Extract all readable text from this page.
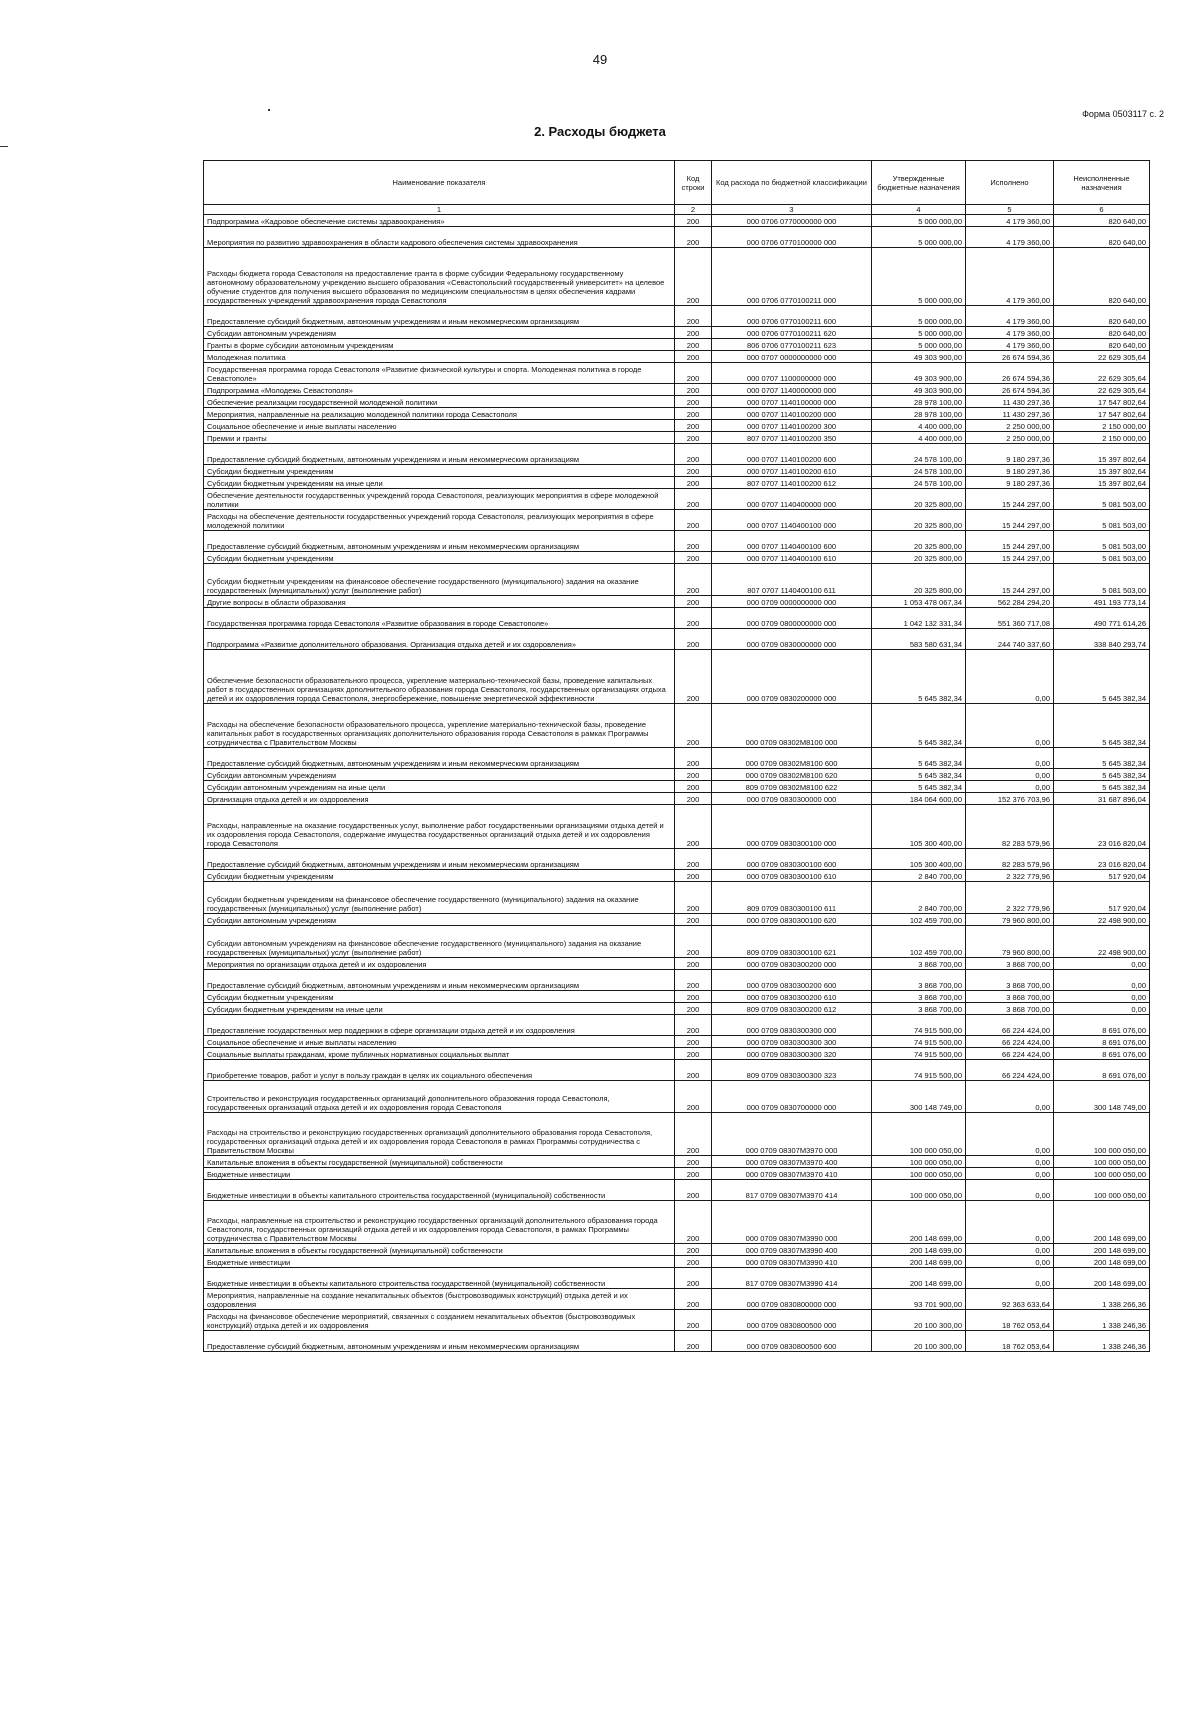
49
Форма 0503117 с. 2
2. Расходы бюджета
Наименование показателя	Код строки	Код расхода по бюджетной классификации	Утвержденные бюджетные назначения	Исполнено	Неисполненные назначения
1	2	3	4	5	6
Подпрограмма «Кадровое обеспечение системы здравоохранения»	200	000 0706 0770000000 000	5 000 000,00	4 179 360,00	820 640,00
Мероприятия по развитию здравоохранения в области кадрового обеспечения системы здравоохранения	200	000 0706 0770100000 000	5 000 000,00	4 179 360,00	820 640,00
Расходы бюджета города Севастополя на предоставление гранта в форме субсидии Федеральному государственному автономному образовательному учреждению высшего образования «Севастопольский государственный университет» на целевое обучение студентов для получения высшего образования по медицинским специальностям в целях обеспечения кадрами государственных учреждений здравоохранения города Севастополя	200	000 0706 0770100211 000	5 000 000,00	4 179 360,00	820 640,00
Предоставление субсидий бюджетным, автономным учреждениям и иным некоммерческим организациям	200	000 0706 0770100211 600	5 000 000,00	4 179 360,00	820 640,00
Субсидии автономным учреждениям	200	000 0706 0770100211 620	5 000 000,00	4 179 360,00	820 640,00
Гранты в форме субсидии автономным учреждениям	200	806 0706 0770100211 623	5 000 000,00	4 179 360,00	820 640,00
Молодежная политика	200	000 0707 0000000000 000	49 303 900,00	26 674 594,36	22 629 305,64
Государственная программа города Севастополя «Развитие физической культуры и спорта. Молодежная политика в городе Севастополе»	200	000 0707 1100000000 000	49 303 900,00	26 674 594,36	22 629 305,64
Подпрограмма «Молодежь Севастополя»	200	000 0707 1140000000 000	49 303 900,00	26 674 594,36	22 629 305,64
Обеспечение реализации государственной молодежной политики	200	000 0707 1140100000 000	28 978 100,00	11 430 297,36	17 547 802,64
Мероприятия, направленные на реализацию молодежной политики города Севастополя	200	000 0707 1140100200 000	28 978 100,00	11 430 297,36	17 547 802,64
Социальное обеспечение и иные выплаты населению	200	000 0707 1140100200 300	4 400 000,00	2 250 000,00	2 150 000,00
Премии и гранты	200	807 0707 1140100200 350	4 400 000,00	2 250 000,00	2 150 000,00
Предоставление субсидий бюджетным, автономным учреждениям и иным некоммерческим организациям	200	000 0707 1140100200 600	24 578 100,00	9 180 297,36	15 397 802,64
Субсидии бюджетным учреждениям	200	000 0707 1140100200 610	24 578 100,00	9 180 297,36	15 397 802,64
Субсидии бюджетным учреждениям на иные цели	200	807 0707 1140100200 612	24 578 100,00	9 180 297,36	15 397 802,64
Обеспечение деятельности государственных учреждений города Севастополя, реализующих мероприятия в сфере молодежной политики	200	000 0707 1140400000 000	20 325 800,00	15 244 297,00	5 081 503,00
Расходы на обеспечение деятельности государственных учреждений города Севастополя, реализующих мероприятия в сфере молодежной политики	200	000 0707 1140400100 000	20 325 800,00	15 244 297,00	5 081 503,00
Предоставление субсидий бюджетным, автономным учреждениям и иным некоммерческим организациям	200	000 0707 1140400100 600	20 325 800,00	15 244 297,00	5 081 503,00
Субсидии бюджетным учреждениям	200	000 0707 1140400100 610	20 325 800,00	15 244 297,00	5 081 503,00
Субсидии бюджетным учреждениям на финансовое обеспечение государственного (муниципального) задания на оказание государственных (муниципальных) услуг (выполнение работ)	200	807 0707 1140400100 611	20 325 800,00	15 244 297,00	5 081 503,00
Другие вопросы в области образования	200	000 0709 0000000000 000	1 053 478 067,34	562 284 294,20	491 193 773,14
Государственная программа города Севастополя «Развитие образования в городе Севастополе»	200	000 0709 0800000000 000	1 042 132 331,34	551 360 717,08	490 771 614,26
Подпрограмма «Развитие дополнительного образования. Организация отдыха детей и их оздоровления»	200	000 0709 0830000000 000	583 580 631,34	244 740 337,60	338 840 293,74
Обеспечение безопасности образовательного процесса, укрепление материально-технической базы, проведение капитальных работ в государственных организациях дополнительного образования города Севастополя, государственных организациях отдыха детей и их оздоровления города Севастополя, энергосбережение, повышение энергетической эффективности	200	000 0709 0830200000 000	5 645 382,34	0,00	5 645 382,34
Расходы на обеспечение безопасности образовательного процесса, укрепление материально-технической базы, проведение капитальных работ в государственных организациях дополнительного образования города Севастополя в рамках Программы сотрудничества с Правительством Москвы	200	000 0709 08302М8100 000	5 645 382,34	0,00	5 645 382,34
Предоставление субсидий бюджетным, автономным учреждениям и иным некоммерческим организациям	200	000 0709 08302М8100 600	5 645 382,34	0,00	5 645 382,34
Субсидии автономным учреждениям	200	000 0709 08302М8100 620	5 645 382,34	0,00	5 645 382,34
Субсидии автономным учреждениям на иные цели	200	809 0709 08302М8100 622	5 645 382,34	0,00	5 645 382,34
Организация отдыха детей и их оздоровления	200	000 0709 0830300000 000	184 064 600,00	152 376 703,96	31 687 896,04
Расходы, направленные на оказание государственных услуг, выполнение работ государственными организациями отдыха детей и их оздоровления города Севастополя, содержание имущества государственных организаций отдыха детей и их оздоровления города Севастополя	200	000 0709 0830300100 000	105 300 400,00	82 283 579,96	23 016 820,04
Предоставление субсидий бюджетным, автономным учреждениям и иным некоммерческим организациям	200	000 0709 0830300100 600	105 300 400,00	82 283 579,96	23 016 820,04
Субсидии бюджетным учреждениям	200	000 0709 0830300100 610	2 840 700,00	2 322 779,96	517 920,04
Субсидии бюджетным учреждениям на финансовое обеспечение государственного (муниципального) задания на оказание государственных (муниципальных) услуг (выполнение работ)	200	809 0709 0830300100 611	2 840 700,00	2 322 779,96	517 920,04
Субсидии автономным учреждениям	200	000 0709 0830300100 620	102 459 700,00	79 960 800,00	22 498 900,00
Субсидии автономным учреждениям на финансовое обеспечение государственного (муниципального) задания на оказание государственных (муниципальных) услуг (выполнение работ)	200	809 0709 0830300100 621	102 459 700,00	79 960 800,00	22 498 900,00
Мероприятия по организации отдыха детей и их оздоровления	200	000 0709 0830300200 000	3 868 700,00	3 868 700,00	0,00
Предоставление субсидий бюджетным, автономным учреждениям и иным некоммерческим организациям	200	000 0709 0830300200 600	3 868 700,00	3 868 700,00	0,00
Субсидии бюджетным учреждениям	200	000 0709 0830300200 610	3 868 700,00	3 868 700,00	0,00
Субсидии бюджетным учреждениям на иные цели	200	809 0709 0830300200 612	3 868 700,00	3 868 700,00	0,00
Предоставление государственных мер поддержки в сфере организации отдыха детей и их оздоровления	200	000 0709 0830300300 000	74 915 500,00	66 224 424,00	8 691 076,00
Социальное обеспечение и иные выплаты населению	200	000 0709 0830300300 300	74 915 500,00	66 224 424,00	8 691 076,00
Социальные выплаты гражданам, кроме публичных нормативных социальных выплат	200	000 0709 0830300300 320	74 915 500,00	66 224 424,00	8 691 076,00
Приобретение товаров, работ и услуг в пользу граждан в целях их социального обеспечения	200	809 0709 0830300300 323	74 915 500,00	66 224 424,00	8 691 076,00
Строительство и реконструкция государственных организаций дополнительного образования города Севастополя, государственных организаций отдыха детей и их оздоровления города Севастополя	200	000 0709 0830700000 000	300 148 749,00	0,00	300 148 749,00
Расходы на строительство и реконструкцию государственных организаций дополнительного образования города Севастополя, государственных организаций отдыха детей и их оздоровления города Севастополя в рамках Программы сотрудничества с Правительством Москвы	200	000 0709 08307М3970 000	100 000 050,00	0,00	100 000 050,00
Капитальные вложения в объекты государственной (муниципальной) собственности	200	000 0709 08307М3970 400	100 000 050,00	0,00	100 000 050,00
Бюджетные инвестиции	200	000 0709 08307М3970 410	100 000 050,00	0,00	100 000 050,00
Бюджетные инвестиции в объекты капитального строительства государственной (муниципальной) собственности	200	817 0709 08307М3970 414	100 000 050,00	0,00	100 000 050,00
Расходы, направленные на строительство и реконструкцию государственных организаций дополнительного образования города Севастополя, государственных организаций отдыха детей и их оздоровления города Севастополя, в рамках Программы сотрудничества с Правительством Москвы	200	000 0709 08307М3990 000	200 148 699,00	0,00	200 148 699,00
Капитальные вложения в объекты государственной (муниципальной) собственности	200	000 0709 08307М3990 400	200 148 699,00	0,00	200 148 699,00
Бюджетные инвестиции	200	000 0709 08307М3990 410	200 148 699,00	0,00	200 148 699,00
Бюджетные инвестиции в объекты капитального строительства государственной (муниципальной) собственности	200	817 0709 08307М3990 414	200 148 699,00	0,00	200 148 699,00
Мероприятия, направленные на создание некапитальных объектов (быстровозводимых конструкций) отдыха детей и их оздоровления	200	000 0709 0830800000 000	93 701 900,00	92 363 633,64	1 338 266,36
Расходы на финансовое обеспечение мероприятий, связанных с созданием некапитальных объектов (быстровозводимых конструкций) отдыха детей и их оздоровления	200	000 0709 0830800500 000	20 100 300,00	18 762 053,64	1 338 246,36
Предоставление субсидий бюджетным, автономным учреждениям и иным некоммерческим организациям	200	000 0709 0830800500 600	20 100 300,00	18 762 053,64	1 338 246,36
